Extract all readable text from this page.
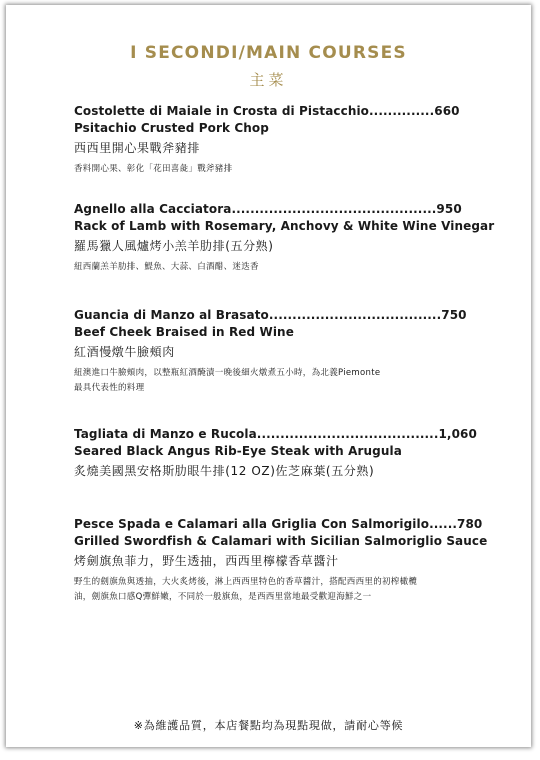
I SECONDI/MAIN COURSES
主菜
Costolette di Maiale in Crosta di Pistacchio..............660
Psitachio Crusted Pork Chop
西西里開心果戰斧豬排
香料開心果、彰化「花田喜彘」戰斧豬排
Agnello alla Cacciatora............................................950
Rack of Lamb with Rosemary, Anchovy & White Wine Vinegar
羅馬獵人風爐烤小羔羊肋排(五分熟)
紐西蘭羔羊肋排、鯷魚、大蒜、白酒醋、迷迭香
Guancia di Manzo al Brasato.....................................750
Beef Cheek Braised in Red Wine
紅酒慢燉牛臉頰肉
紐澳進口牛臉頰肉，以整瓶紅酒醃漬一晚後細火燉煮五小時，為北義Piemonte
最具代表性的料理
Tagliata di Manzo e Rucola.......................................1,060
Seared Black Angus Rib-Eye Steak with Arugula
炙燒美國黑安格斯肋眼牛排(12 OZ)佐芝麻葉(五分熟)
Pesce Spada e Calamari alla Griglia Con Salmorigilo......780
Grilled Swordfish & Calamari with Sicilian Salmoriglio Sauce
烤劍旗魚菲力，野生透抽，西西里檸檬香草醬汁
野生的劍旗魚與透抽，大火炙烤後，淋上西西里特色的香草醬汁，搭配西西里的初榨橄欖
油，劍旗魚口感Q彈鮮嫩，不同於一般旗魚，是西西里當地最受歡迎海鮮之一
※為維護品質，本店餐點均為現點現做，請耐心等候
